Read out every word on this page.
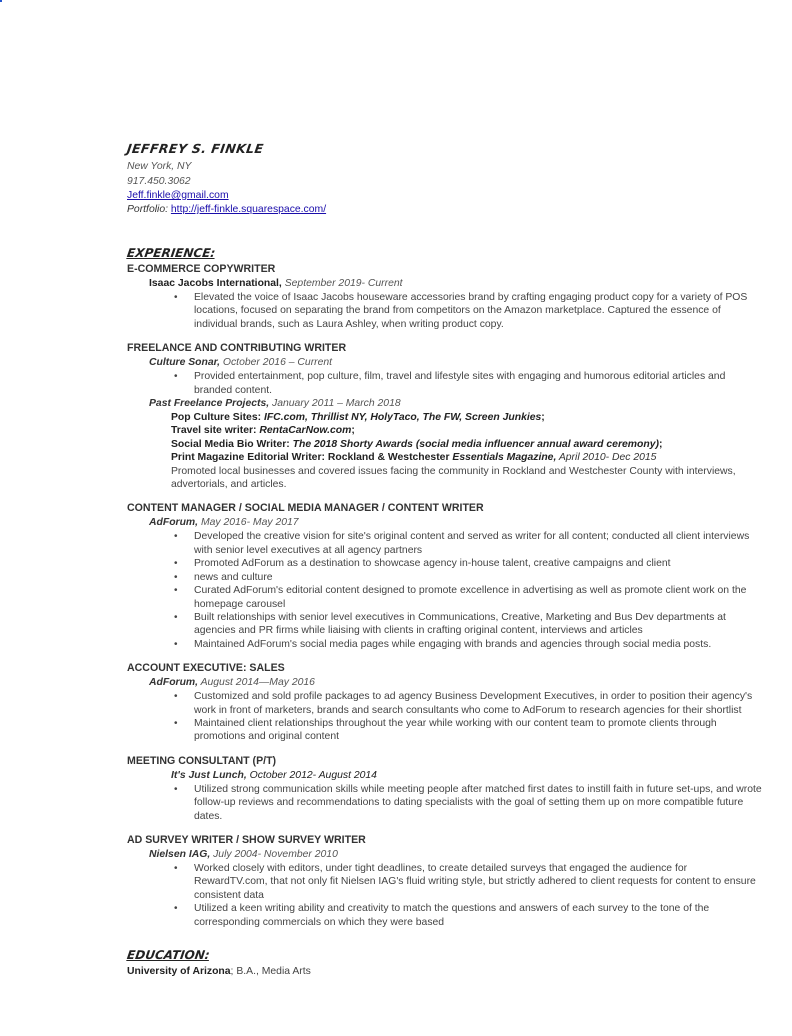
JEFFREY S. FINKLE
New York, NY
917.450.3062
Jeff.finkle@gmail.com
Portfolio: http://jeff-finkle.squarespace.com/
EXPERIENCE:
E-COMMERCE COPYWRITER
Isaac Jacobs International, September 2019- Current
• Elevated the voice of Isaac Jacobs houseware accessories brand by crafting engaging product copy for a variety of POS locations, focused on separating the brand from competitors on the Amazon marketplace. Captured the essence of individual brands, such as Laura Ashley, when writing product copy.
FREELANCE AND CONTRIBUTING WRITER
Culture Sonar, October 2016 – Current
• Provided entertainment, pop culture, film, travel and lifestyle sites with engaging and humorous editorial articles and branded content.
Past Freelance Projects, January 2011 – March 2018
Pop Culture Sites: IFC.com, Thrillist NY, HolyTaco, The FW, Screen Junkies;
Travel site writer: RentaCarNow.com;
Social Media Bio Writer: The 2018 Shorty Awards (social media influencer annual award ceremony);
Print Magazine Editorial Writer: Rockland & Westchester Essentials Magazine, April 2010- Dec 2015
Promoted local businesses and covered issues facing the community in Rockland and Westchester County with interviews, advertorials, and articles.
CONTENT MANAGER / SOCIAL MEDIA MANAGER / CONTENT WRITER
AdForum, May 2016- May 2017
• Developed the creative vision for site's original content and served as writer for all content; conducted all client interviews with senior level executives at all agency partners
• Promoted AdForum as a destination to showcase agency in-house talent, creative campaigns and client
• news and culture
• Curated AdForum's editorial content designed to promote excellence in advertising as well as promote client work on the homepage carousel
• Built relationships with senior level executives in Communications, Creative, Marketing and Bus Dev departments at agencies and PR firms while liaising with clients in crafting original content, interviews and articles
• Maintained AdForum's social media pages while engaging with brands and agencies through social media posts.
ACCOUNT EXECUTIVE: SALES
AdForum, August 2014—May 2016
• Customized and sold profile packages to ad agency Business Development Executives, in order to position their agency's work in front of marketers, brands and search consultants who come to AdForum to research agencies for their shortlist
• Maintained client relationships throughout the year while working with our content team to promote clients through promotions and original content
MEETING CONSULTANT (P/T)
It's Just Lunch, October 2012- August 2014
• Utilized strong communication skills while meeting people after matched first dates to instill faith in future set-ups, and wrote follow-up reviews and recommendations to dating specialists with the goal of setting them up on more compatible future dates.
AD SURVEY WRITER / SHOW SURVEY WRITER
Nielsen IAG, July 2004- November 2010
• Worked closely with editors, under tight deadlines, to create detailed surveys that engaged the audience for RewardTV.com, that not only fit Nielsen IAG's fluid writing style, but strictly adhered to client requests for content to ensure consistent data
• Utilized a keen writing ability and creativity to match the questions and answers of each survey to the tone of the corresponding commercials on which they were based
EDUCATION:
University of Arizona; B.A., Media Arts
